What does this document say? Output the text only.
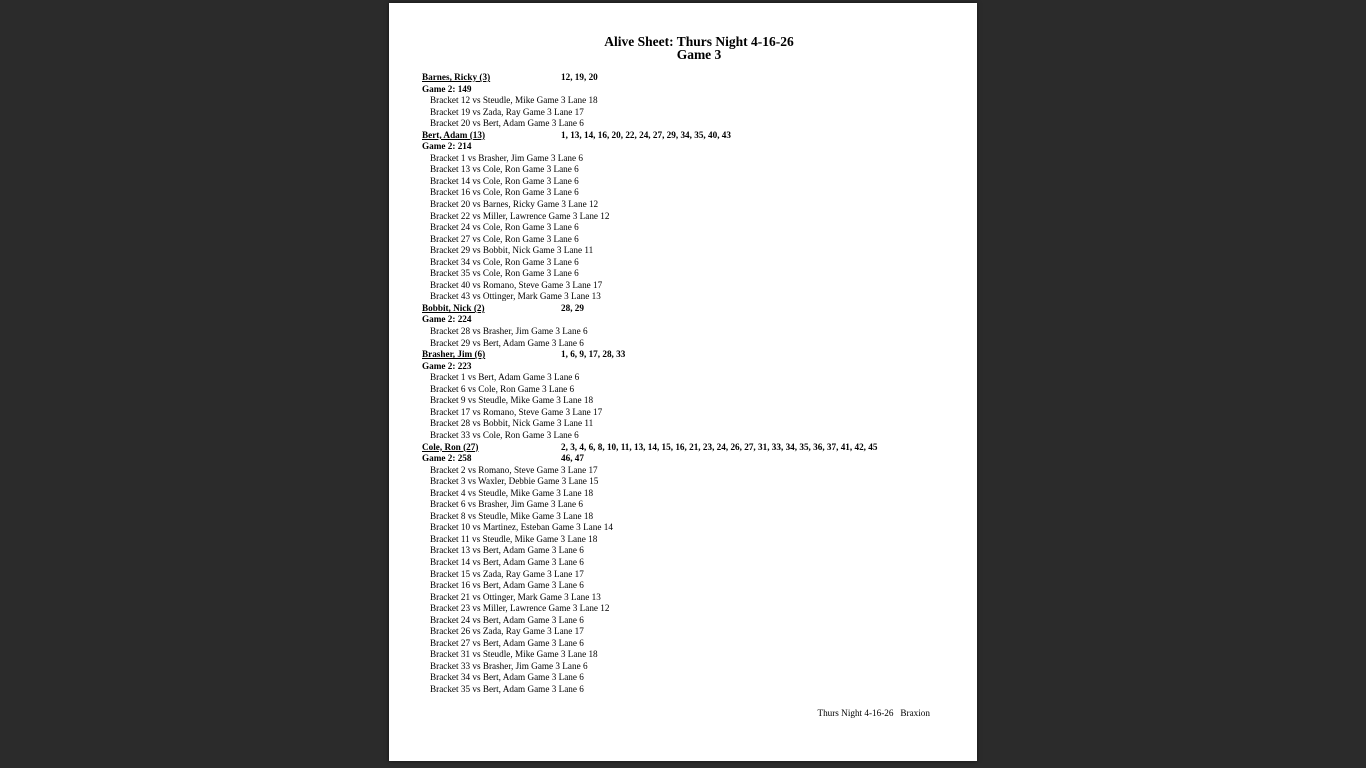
Alive Sheet: Thurs Night 4-16-26
Game 3
Barnes, Ricky (3)	12, 19, 20
Game 2: 149
Bracket 12 vs Steudle, Mike Game 3 Lane 18
Bracket 19 vs Zada, Ray Game 3 Lane 17
Bracket 20 vs Bert, Adam Game 3 Lane 6
Bert, Adam (13)	1, 13, 14, 16, 20, 22, 24, 27, 29, 34, 35, 40, 43
Game 2: 214
Bracket 1 vs Brasher, Jim Game 3 Lane 6
Bracket 13 vs Cole, Ron Game 3 Lane 6
Bracket 14 vs Cole, Ron Game 3 Lane 6
Bracket 16 vs Cole, Ron Game 3 Lane 6
Bracket 20 vs Barnes, Ricky Game 3 Lane 12
Bracket 22 vs Miller, Lawrence Game 3 Lane 12
Bracket 24 vs Cole, Ron Game 3 Lane 6
Bracket 27 vs Cole, Ron Game 3 Lane 6
Bracket 29 vs Bobbit, Nick Game 3 Lane 11
Bracket 34 vs Cole, Ron Game 3 Lane 6
Bracket 35 vs Cole, Ron Game 3 Lane 6
Bracket 40 vs Romano, Steve Game 3 Lane 17
Bracket 43 vs Ottinger, Mark Game 3 Lane 13
Bobbit, Nick (2)	28, 29
Game 2: 224
Bracket 28 vs Brasher, Jim Game 3 Lane 6
Bracket 29 vs Bert, Adam Game 3 Lane 6
Brasher, Jim (6)	1, 6, 9, 17, 28, 33
Game 2: 223
Bracket 1 vs Bert, Adam Game 3 Lane 6
Bracket 6 vs Cole, Ron Game 3 Lane 6
Bracket 9 vs Steudle, Mike Game 3 Lane 18
Bracket 17 vs Romano, Steve Game 3 Lane 17
Bracket 28 vs Bobbit, Nick Game 3 Lane 11
Bracket 33 vs Cole, Ron Game 3 Lane 6
Cole, Ron (27)	2, 3, 4, 6, 8, 10, 11, 13, 14, 15, 16, 21, 23, 24, 26, 27, 31, 33, 34, 35, 36, 37, 41, 42, 45
Game 2: 258	46, 47
Bracket 2 vs Romano, Steve Game 3 Lane 17
Bracket 3 vs Waxler, Debbie Game 3 Lane 15
Bracket 4 vs Steudle, Mike Game 3 Lane 18
Bracket 6 vs Brasher, Jim Game 3 Lane 6
Bracket 8 vs Steudle, Mike Game 3 Lane 18
Bracket 10 vs Martinez, Esteban Game 3 Lane 14
Bracket 11 vs Steudle, Mike Game 3 Lane 18
Bracket 13 vs Bert, Adam Game 3 Lane 6
Bracket 14 vs Bert, Adam Game 3 Lane 6
Bracket 15 vs Zada, Ray Game 3 Lane 17
Bracket 16 vs Bert, Adam Game 3 Lane 6
Bracket 21 vs Ottinger, Mark Game 3 Lane 13
Bracket 23 vs Miller, Lawrence Game 3 Lane 12
Bracket 24 vs Bert, Adam Game 3 Lane 6
Bracket 26 vs Zada, Ray Game 3 Lane 17
Bracket 27 vs Bert, Adam Game 3 Lane 6
Bracket 31 vs Steudle, Mike Game 3 Lane 18
Bracket 33 vs Brasher, Jim Game 3 Lane 6
Bracket 34 vs Bert, Adam Game 3 Lane 6
Bracket 35 vs Bert, Adam Game 3 Lane 6
Thurs Night 4-16-26   Braxion
